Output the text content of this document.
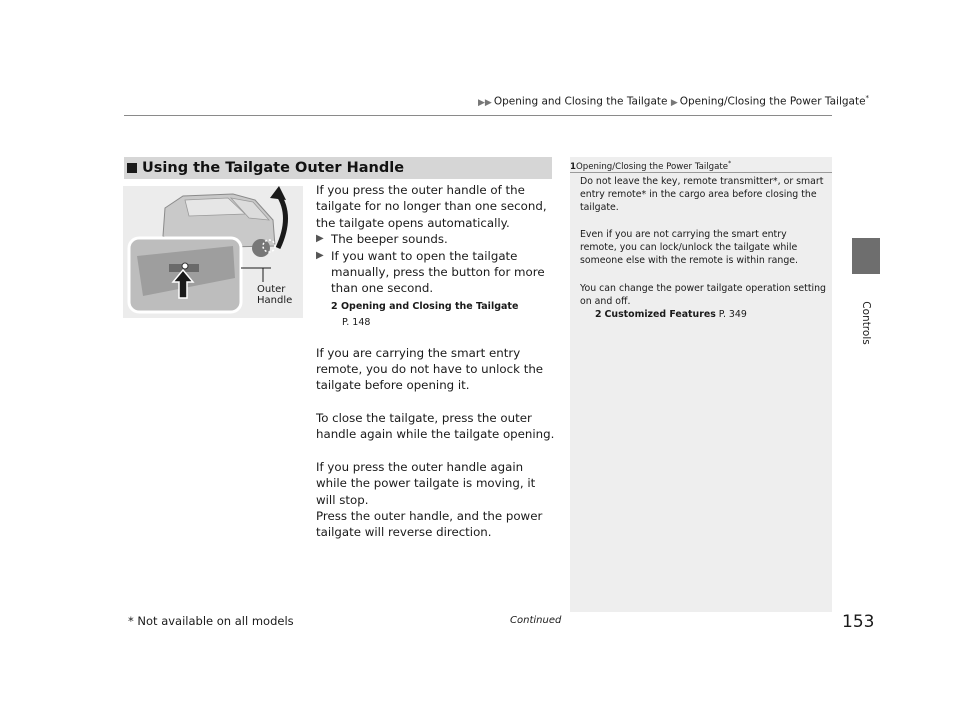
▶▶ Opening and Closing the Tailgate ▶ Opening/Closing the Power Tailgate*
Controls
Using the Tailgate Outer Handle
Outer
Handle
If you press the outer handle of the tailgate for no longer than one second, the tailgate opens automatically.
▶ The beeper sounds.
▶ If you want to open the tailgate manually, press the button for more than one second.
2 Opening and Closing the Tailgate
P. 148
If you are carrying the smart entry remote, you do not have to unlock the tailgate before opening it.
To close the tailgate, press the outer handle again while the tailgate opening.
If you press the outer handle again while the power tailgate is moving, it will stop.
Press the outer handle, and the power tailgate will reverse direction.
1Opening/Closing the Power Tailgate*
Do not leave the key, remote transmitter*, or smart entry remote* in the cargo area before closing the tailgate.
Even if you are not carrying the smart entry remote, you can lock/unlock the tailgate while someone else with the remote is within range.
You can change the power tailgate operation setting on and off.
2 Customized Features P. 349
* Not available on all models	Continued	153
